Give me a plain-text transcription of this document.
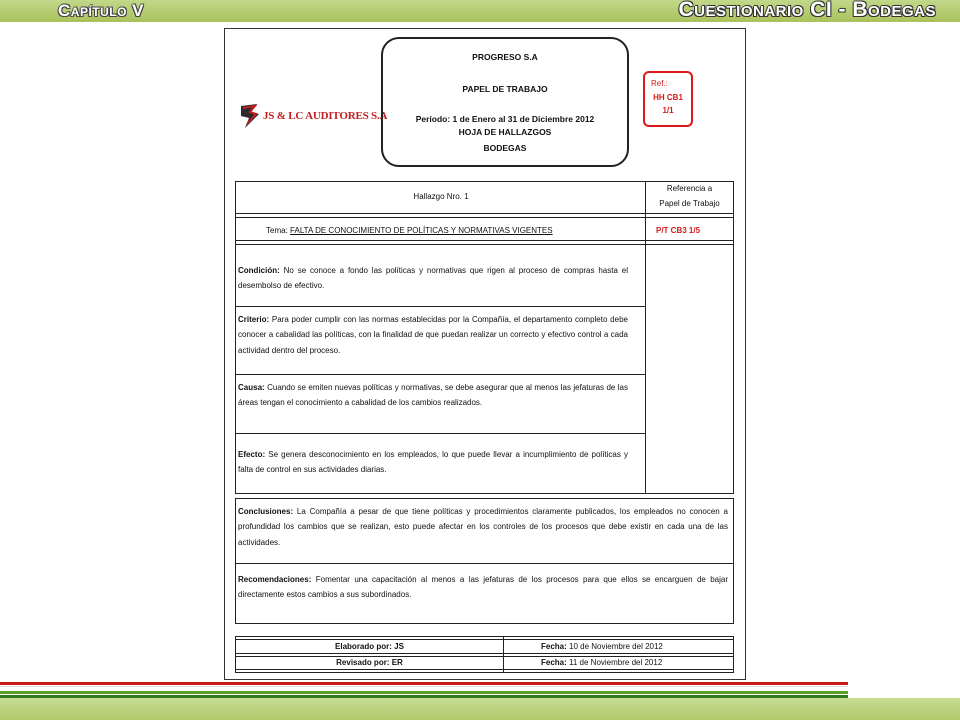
Capítulo V	Cuestionario CI - Bodegas
JS & LC AUDITORES S.A
PROGRESO S.A
PAPEL DE TRABAJO
Período: 1 de Enero al 31 de Diciembre 2012
HOJA DE HALLAZGOS
BODEGAS
Ref.:
HH CB1
1/1
Hallazgo Nro. 1
Referencia a
Papel de Trabajo
Tema: FALTA DE CONOCIMIENTO DE POLÍTICAS Y NORMATIVAS VIGENTES	P/T CB3 1/5
Condición: No se conoce a fondo las políticas y normativas que rigen al proceso de compras hasta el desembolso de efectivo.
Criterio: Para poder cumplir con las normas establecidas por la Compañía, el departamento completo debe conocer a cabalidad las políticas, con la finalidad de que puedan realizar un correcto y efectivo control a cada actividad dentro del proceso.
Causa: Cuando se emiten nuevas políticas y normativas, se debe asegurar que al menos las jefaturas de las áreas tengan el conocimiento a cabalidad de los cambios realizados.
Efecto: Se genera desconocimiento en los empleados, lo que puede llevar a incumplimiento de políticas y falta de control en sus actividades diarias.
Conclusiones: La Compañía a pesar de que tiene políticas y procedimientos claramente publicados, los empleados no conocen a profundidad los cambios que se realizan, esto puede afectar en los controles de los procesos que debe existir en cada una de las actividades.
Recomendaciones: Fomentar una capacitación al menos a las jefaturas de los procesos para que ellos se encarguen de bajar directamente estos cambios a sus subordinados.
Elaborado por: JS	Fecha: 10 de Noviembre del 2012
Revisado por: ER	Fecha: 11 de Noviembre del 2012
